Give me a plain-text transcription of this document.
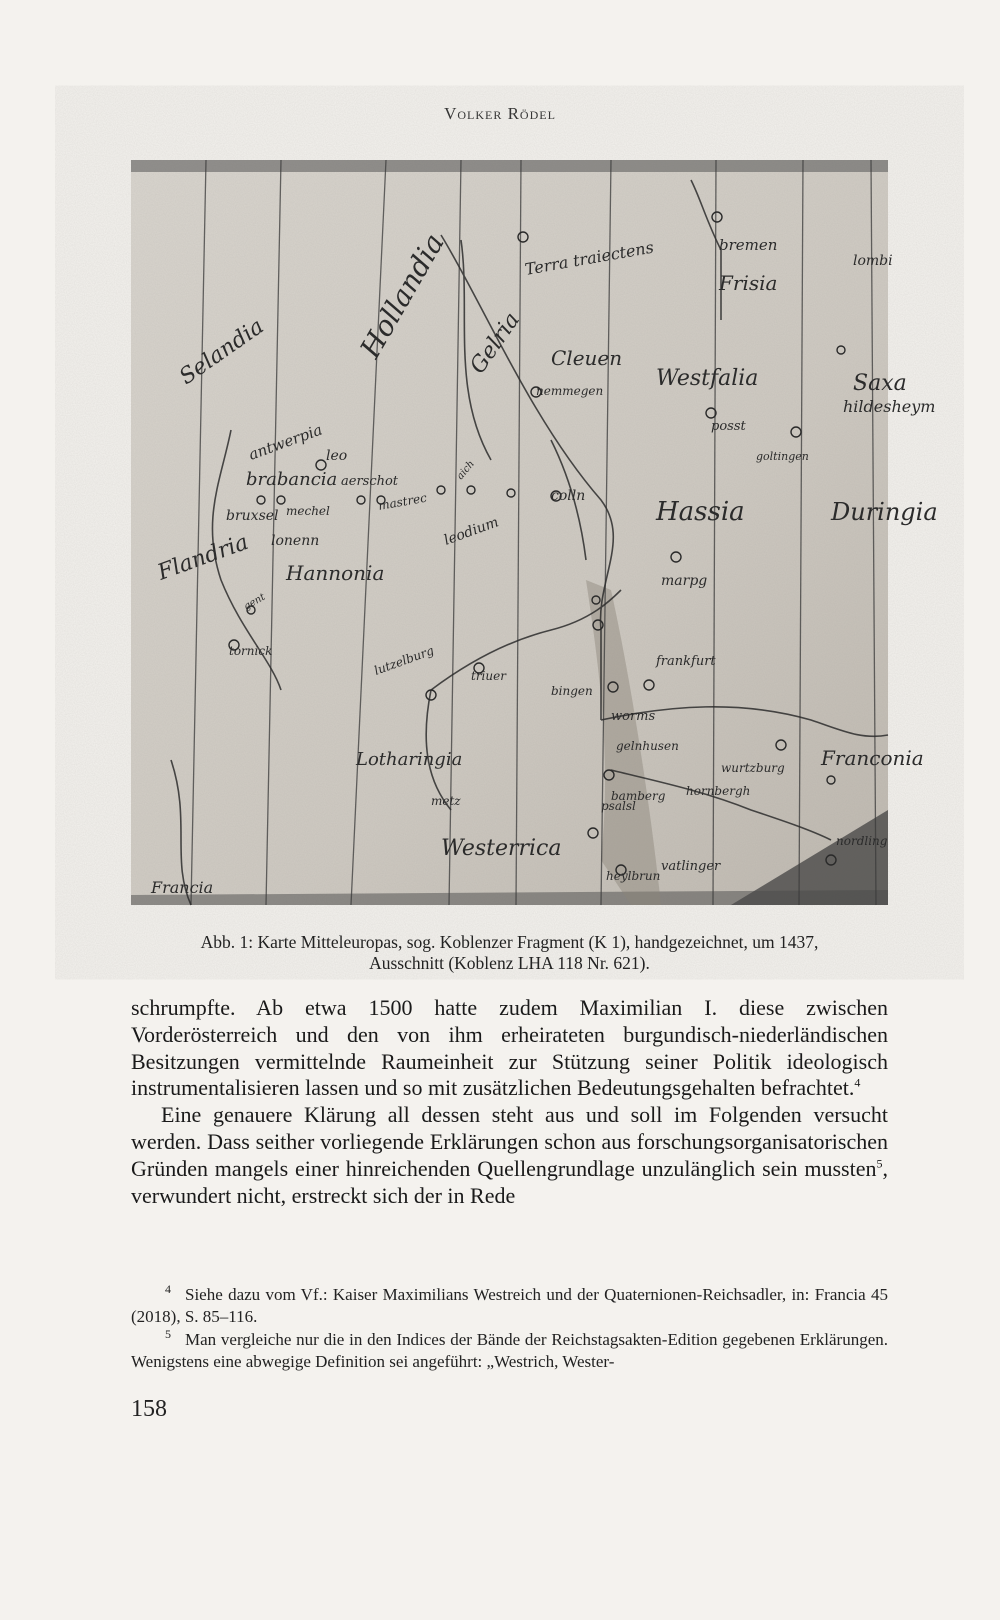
Volker Rödel
Terra traiectens	bremen
Frisia
lombi
Hollandia Gelria Cleuen
nemmegen Westfalia
posst
Saxa
hildesheym
Selandia
antwerpia leo
brabancia aerschot
mastrec
aich
colln
goltingen
Flandria
mechel
bruxsel
lonenn
Hannonia
leodium
Hassia	Duringia
marpg
tornick
gent
lutzelburg	triuer
bingen
frankfurt
worms
gelnhusen
Lotharingia
metz
Franconia
wurtzburg
bamberg hornbergh
Westerrica	nordling
Francia
heylbrun
vatlinger
psalsl
Abb. 1: Karte Mitteleuropas, sog. Koblenzer Fragment (K 1), handgezeichnet, um 1437,
Ausschnitt (Koblenz LHA 118 Nr. 621).

schrumpfte. Ab etwa 1500 hatte zudem Maximilian I. diese zwischen Vorderösterreich und den von ihm erheirateten burgundisch-niederländischen Besitzungen vermittelnde Raumeinheit zur Stützung seiner Politik ideologisch instrumentalisieren lassen und so mit zusätzlichen Bedeutungsgehalten befrachtet.$^4$

Eine genauere Klärung all dessen steht aus und soll im Folgenden versucht werden. Dass seither vorliegende Erklärungen schon aus forschungsorganisatorischen Gründen mangels einer hinreichenden Quellengrundlage unzulänglich sein mussten$^5$, verwundert nicht, erstreckt sich der in Rede

$^4$ Siehe dazu vom Vf.: Kaiser Maximilians Westreich und der Quaternionen-Reichsadler, in: Francia 45 (2018), S. 85–116.

$^5$ Man vergleiche nur die in den Indices der Bände der Reichstagsakten-Edition gegebenen Erklärungen. Wenigstens eine abwegige Definition sei angeführt: „Westrich, Wester-

158
